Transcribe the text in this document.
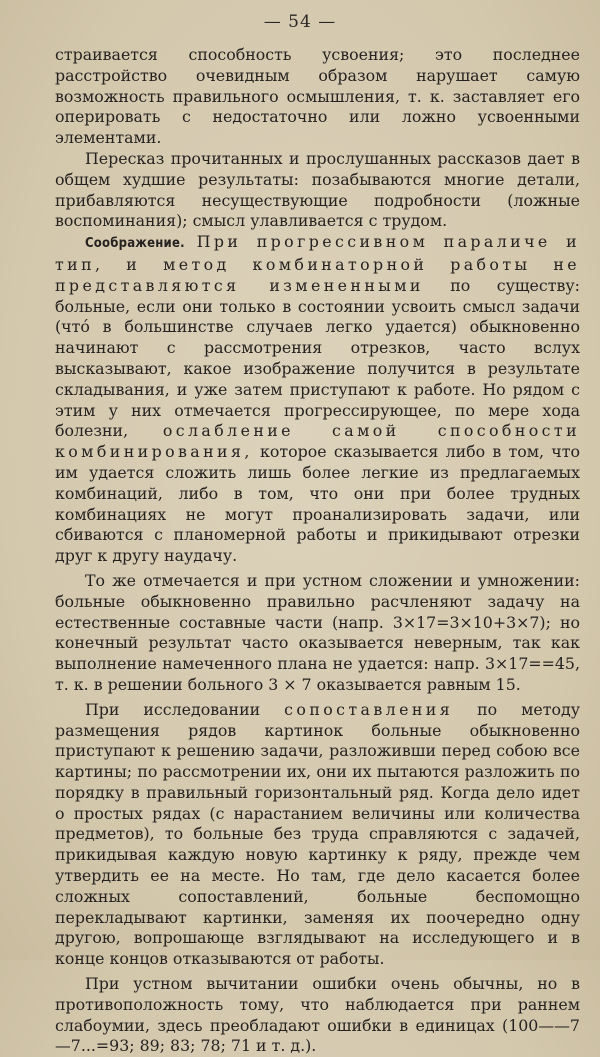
— 54 —

страивается способность усвоения; это последнее расстройство очевидным образом нарушает самую возможность правильного осмышления, т. к. заставляет его оперировать с недостаточно или ложно усвоенными элементами.

Пересказ прочитанных и прослушанных рассказов дает в общем худшие результаты: позабываются многие детали, прибавляются несуществующие подробности (ложные воспоминания); смысл улавливается с трудом.

Соображение. При прогрессивном параличе и тип, и метод комбинаторной работы не представляются измененными по существу: больные, если они только в состоянии усвоить смысл задачи (что́ в большинстве случаев легко удается) обыкновенно начинают с рассмотрения отрезков, часто вслух высказывают, какое изображение получится в результате складывания, и уже затем приступают к работе. Но рядом с этим у них отмечается прогрессирующее, по мере хода болезни, ослабление самой способности комбинирования, которое сказывается либо в том, что им удается сложить лишь более легкие из предлагаемых комбинаций, либо в том, что они при более трудных комбинациях не могут проанализировать задачи, или сбиваются с планомерной работы и прикидывают отрезки друг к другу наудачу.

То же отмечается и при устном сложении и умножении: больные обыкновенно правильно расчленяют задачу на естественные составные части (напр. 3×17=3×10+3×7); но конечный результат часто оказывается неверным, так как выполнение намеченного плана не удается: напр. 3×17==45, т. к. в решении больного 3 × 7 оказывается равным 15.

При исследовании сопоставления по методу размещения рядов картинок больные обыкновенно приступают к решению задачи, разложивши перед собою все картины; по рассмотрении их, они их пытаются разложить по порядку в правильный горизонтальный ряд. Когда дело идет о простых рядах (с нарастанием величины или количества предметов), то больные без труда справляются с задачей, прикидывая каждую новую картинку к ряду, прежде чем утвердить ее на месте. Но там, где дело касается более сложных сопоставлений, больные беспомощно перекладывают картинки, заменяя их поочередно одну другою, вопрошающе взглядывают на исследующего и в конце концов отказываются от работы.

При устном вычитании ошибки очень обычны, но в противоположность тому, что наблюдается при раннем слабоумии, здесь преобладают ошибки в единицах (100——7—7...=93; 89; 83; 78; 71 и т. д.).
